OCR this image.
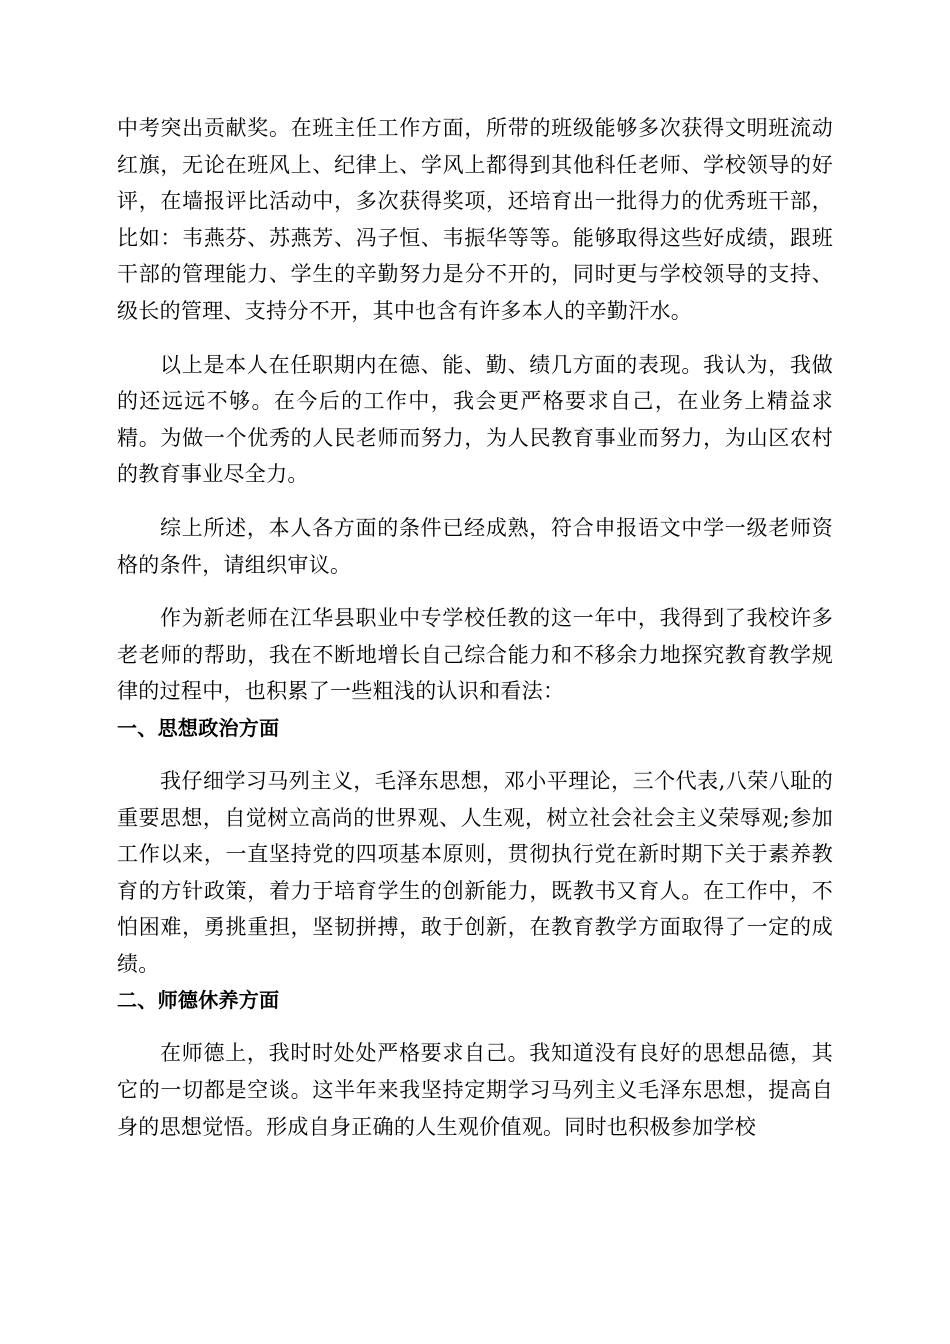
中考突出贡献奖。在班主任工作方面，所带的班级能够多次获得文明班流动红旗，无论在班风上、纪律上、学风上都得到其他科任老师、学校领导的好评，在墙报评比活动中，多次获得奖项，还培育出一批得力的优秀班干部，比如：韦燕芬、苏燕芳、冯子恒、韦振华等等。能够取得这些好成绩，跟班干部的管理能力、学生的辛勤努力是分不开的，同时更与学校领导的支持、级长的管理、支持分不开，其中也含有许多本人的辛勤汗水。

以上是本人在任职期内在德、能、勤、绩几方面的表现。我认为，我做的还远远不够。在今后的工作中，我会更严格要求自己，在业务上精益求精。为做一个优秀的人民老师而努力，为人民教育事业而努力，为山区农村的教育事业尽全力。

综上所述，本人各方面的条件已经成熟，符合申报语文中学一级老师资格的条件，请组织审议。

作为新老师在江华县职业中专学校任教的这一年中，我得到了我校许多老老师的帮助，我在不断地增长自己综合能力和不移余力地探究教育教学规律的过程中，也积累了一些粗浅的认识和看法：

一、思想政治方面

我仔细学习马列主义，毛泽东思想，邓小平理论，三个代表,八荣八耻的重要思想，自觉树立高尚的世界观、人生观，树立社会社会主义荣辱观;参加工作以来，一直坚持党的四项基本原则，贯彻执行党在新时期下关于素养教育的方针政策，着力于培育学生的创新能力，既教书又育人。在工作中，不怕困难，勇挑重担，坚韧拼搏，敢于创新，在教育教学方面取得了一定的成绩。

二、师德休养方面

在师德上，我时时处处严格要求自己。我知道没有良好的思想品德，其它的一切都是空谈。这半年来我坚持定期学习马列主义毛泽东思想，提高自身的思想觉悟。形成自身正确的人生观价值观。同时也积极参加学校
